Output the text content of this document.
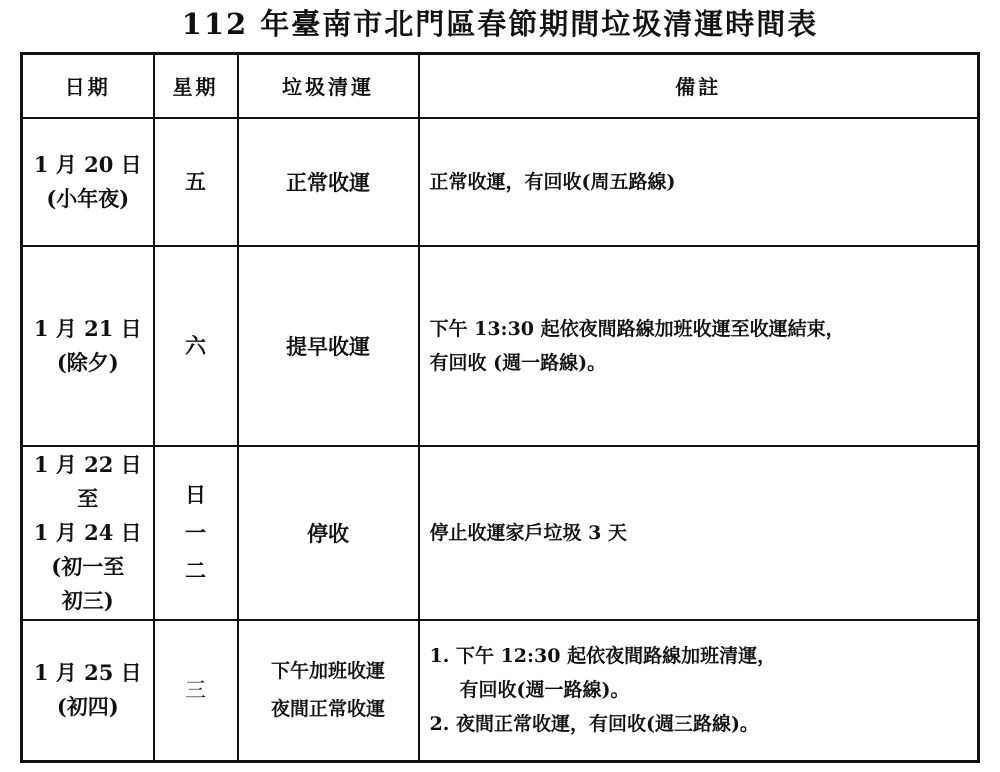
112 年臺南市北門區春節期間垃圾清運時間表
日期	星期	垃圾清運	備註

1 月 20 日
(小年夜)	五	正常收運	正常收運，有回收(周五路線)

1 月 21 日
(除夕)	六	提早收運	下午 13:30 起依夜間路線加班收運至收運結束，
有回收 (週一路線)。

1 月 22 日
至
1 月 24 日
(初一至
初三)	日
一
二	停收	停止收運家戶垃圾 3 天

1 月 25 日
(初四)	三	下午加班收運
夜間正常收運	1. 下午 12:30 起依夜間路線加班清運，
有回收(週一路線)。
2. 夜間正常收運，有回收(週三路線)。
